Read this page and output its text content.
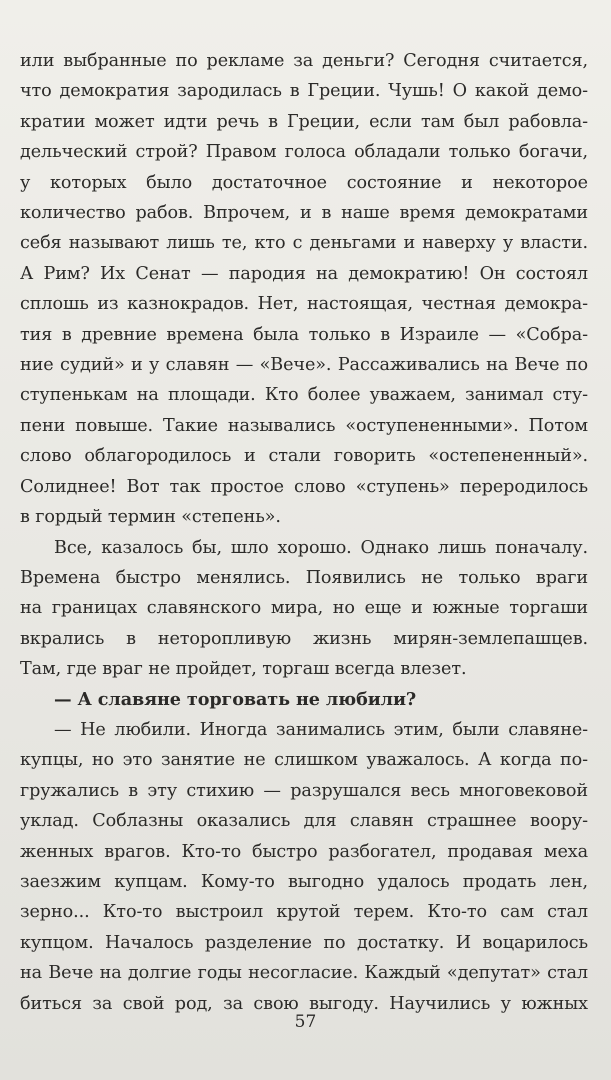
или выбранные по рекламе за деньги? Сегодня считается,
что демократия зародилась в Греции. Чушь! О какой демо-
кратии может идти речь в Греции, если там был рабовла-
дельческий строй? Правом голоса обладали только богачи,
у которых было достаточное состояние и некоторое
количество рабов. Впрочем, и в наше время демократами
себя называют лишь те, кто с деньгами и наверху у власти.
А Рим? Их Сенат — пародия на демократию! Он состоял
сплошь из казнокрадов. Нет, настоящая, честная демокра-
тия в древние времена была только в Израиле — «Собра-
ние судий» и у славян — «Вече». Рассаживались на Вече по
ступенькам на площади. Кто более уважаем, занимал сту-
пени повыше. Такие назывались «оступененными». Потом
слово облагородилось и стали говорить «остепененный».
Солиднее! Вот так простое слово «ступень» переродилось
в гордый термин «степень».
Все, казалось бы, шло хорошо. Однако лишь поначалу.
Времена быстро менялись. Появились не только враги
на границах славянского мира, но еще и южные торгаши
вкрались в неторопливую жизнь мирян-землепашцев.
Там, где враг не пройдет, торгаш всегда влезет.
— А славяне торговать не любили?
— Не любили. Иногда занимались этим, были славяне-
купцы, но это занятие не слишком уважалось. А когда по-
гружались в эту стихию — разрушался весь многовековой
уклад. Соблазны оказались для славян страшнее воору-
женных врагов. Кто-то быстро разбогател, продавая меха
заезжим купцам. Кому-то выгодно удалось продать лен,
зерно... Кто-то выстроил крутой терем. Кто-то сам стал
купцом. Началось разделение по достатку. И воцарилось
на Вече на долгие годы несогласие. Каждый «депутат» стал
биться за свой род, за свою выгоду. Научились у южных
57
